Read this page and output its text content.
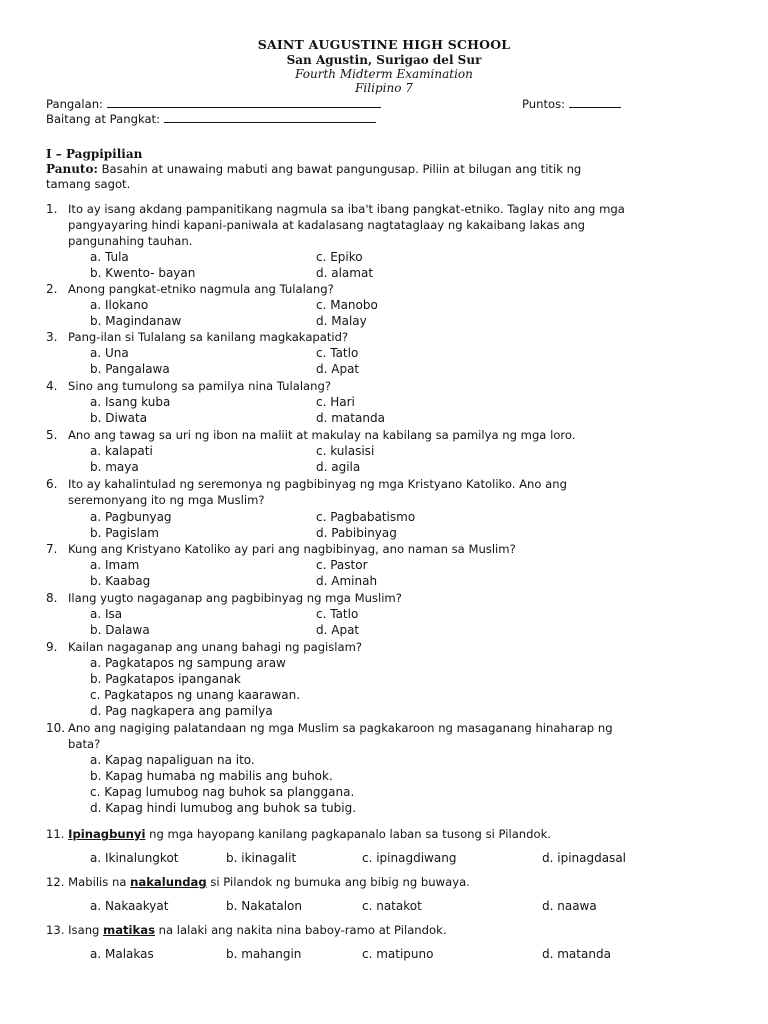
SAINT AUGUSTINE HIGH SCHOOL
San Agustin, Surigao del Sur
Fourth Midterm Examination
Filipino 7
Pangalan:	Puntos:
Baitang at Pangkat:
I – Pagpipilian
Panuto: Basahin at unawaing mabuti ang bawat pangungusap. Piliin at bilugan ang titik ng
tamang sagot.
1. Ito ay isang akdang pampanitikang nagmula sa iba't ibang pangkat-etniko. Taglay nito ang mga
pangyayaring hindi kapani-paniwala at kadalasang nagtataglaay ng kakaibang lakas ang
pangunahing tauhan.
a. Tula	c. Epiko
b. Kwento- bayan	d. alamat
2. Anong pangkat-etniko nagmula ang Tulalang?
a. Ilokano	c. Manobo
b. Magindanaw	d. Malay
3. Pang-ilan si Tulalang sa kanilang magkakapatid?
a. Una	c. Tatlo
b. Pangalawa	d. Apat
4. Sino ang tumulong sa pamilya nina Tulalang?
a. Isang kuba	c. Hari
b. Diwata	d. matanda
5. Ano ang tawag sa uri ng ibon na maliit at makulay na kabilang sa pamilya ng mga loro.
a. kalapati	c. kulasisi
b. maya	d. agila
6. Ito ay kahalintulad ng seremonya ng pagbibinyag ng mga Kristyano Katoliko. Ano ang
seremonyang ito ng mga Muslim?
a. Pagbunyag	c. Pagbabatismo
b. Pagislam	d. Pabibinyag
7. Kung ang Kristyano Katoliko ay pari ang nagbibinyag, ano naman sa Muslim?
a. Imam	c. Pastor
b. Kaabag	d. Aminah
8. Ilang yugto nagaganap ang pagbibinyag ng mga Muslim?
a. Isa	c. Tatlo
b. Dalawa	d. Apat
9. Kailan nagaganap ang unang bahagi ng pagislam?
a. Pagkatapos ng sampung araw
b. Pagkatapos ipanganak
c. Pagkatapos ng unang kaarawan.
d. Pag nagkapera ang pamilya
10. Ano ang nagiging palatandaan ng mga Muslim sa pagkakaroon ng masaganang hinaharap ng
bata?
a. Kapag napaliguan na ito.
b. Kapag humaba ng mabilis ang buhok.
c. Kapag lumubog nag buhok sa planggana.
d. Kapag hindi lumubog ang buhok sa tubig.
11. Ipinagbunyi ng mga hayopang kanilang pagkapanalo laban sa tusong si Pilandok.
a. Ikinalungkot	b. ikinagalit	c. ipinagdiwang	d. ipinagdasal
12. Mabilis na nakalundag si Pilandok ng bumuka ang bibig ng buwaya.
a. Nakaakyat	b. Nakatalon	c. natakot	d. naawa
13. Isang matikas na lalaki ang nakita nina baboy-ramo at Pilandok.
a. Malakas	b. mahangin	c. matipuno	d. matanda
